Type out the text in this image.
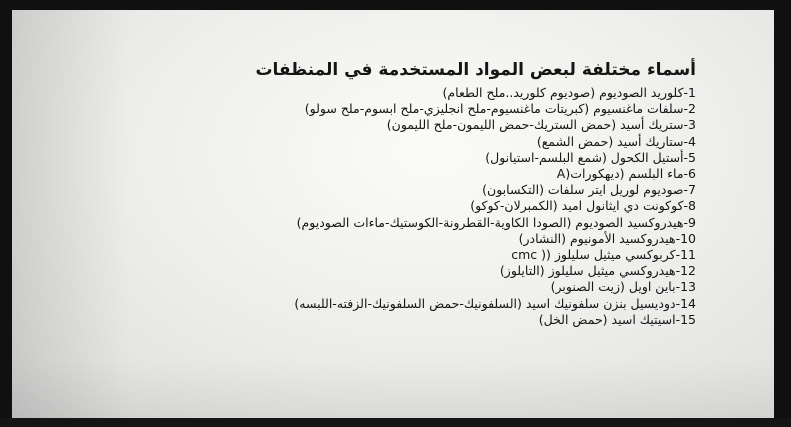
أسماء مختلفة لبعض المواد المستخدمة في المنظفات
1-كلوريد الصوديوم (صوديوم كلوريد..ملح الطعام)
2-سلفات ماغنسيوم (كبريتات ماغنسيوم-ملح انجليزي-ملح ابسوم-ملح سولو)
3-ستريك أسيد (حمض الستريك-حمض الليمون-ملح الليمون)
4-ستاريك أسيد (حمض الشمع)
5-أستيل الكحول (شمع البلسم-استيانول)
6-ماء البلسم (ديهكورات(A
7-صوديوم لوريل ايتر سلفات (التكسابون)
8-كوكونت دي ايثانول اميد (الكمبرلان-كوكو)
9-هيدروكسيد الصوديوم (الصودا الكاوية-القطرونة-الكوستيك-ماءات الصوديوم)
10-هيدروكسيد الأمونيوم (النشادر)
11-كربوكسي ميثيل سليلوز (( cmc
12-هيدروكسي ميثيل سليلوز (التايلوز)
13-باين اويل (زيت الصنوبر)
14-دوديسيل بنزن سلفونيك اسيد (السلفونيك-حمض السلفونيك-الزفته-اللبسه)
15-اسيتيك اسيد (حمض الخل)
